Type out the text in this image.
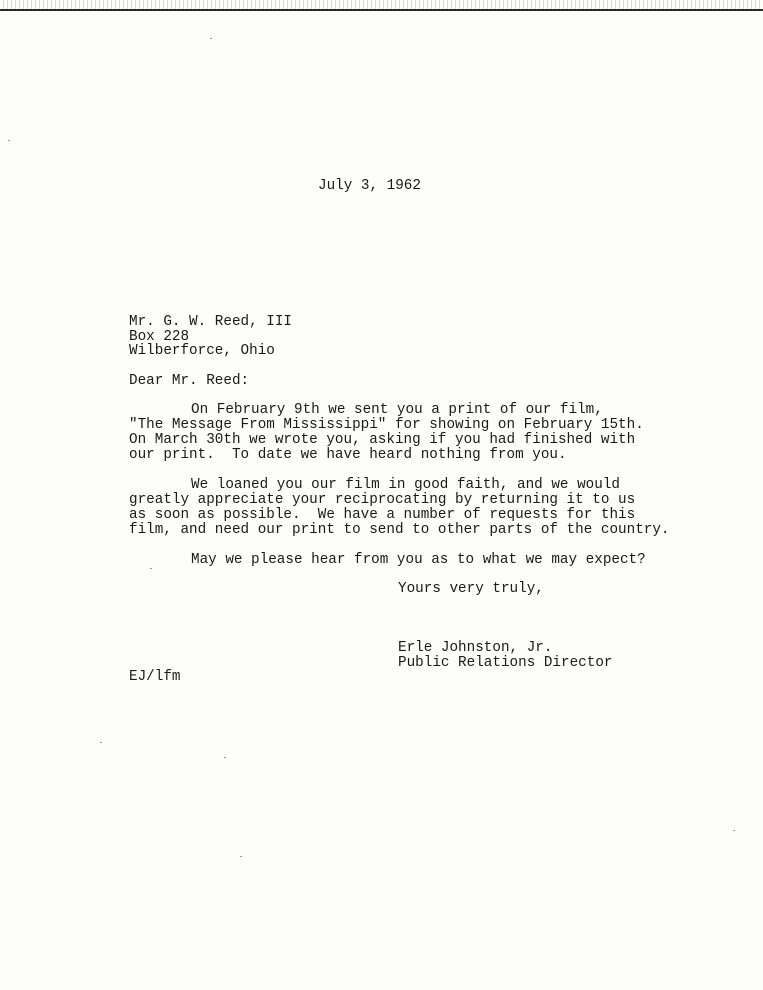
July 3, 1962
Mr. G. W. Reed, III
Box 228
Wilberforce, Ohio
Dear Mr. Reed:
On February 9th we sent you a print of our film,
"The Message From Mississippi" for showing on February 15th.
On March 30th we wrote you, asking if you had finished with
our print.  To date we have heard nothing from you.
We loaned you our film in good faith, and we would
greatly appreciate your reciprocating by returning it to us
as soon as possible.  We have a number of requests for this
film, and need our print to send to other parts of the country.
May we please hear from you as to what we may expect?
Yours very truly,
Erle Johnston, Jr.
Public Relations Director
EJ/lfm
